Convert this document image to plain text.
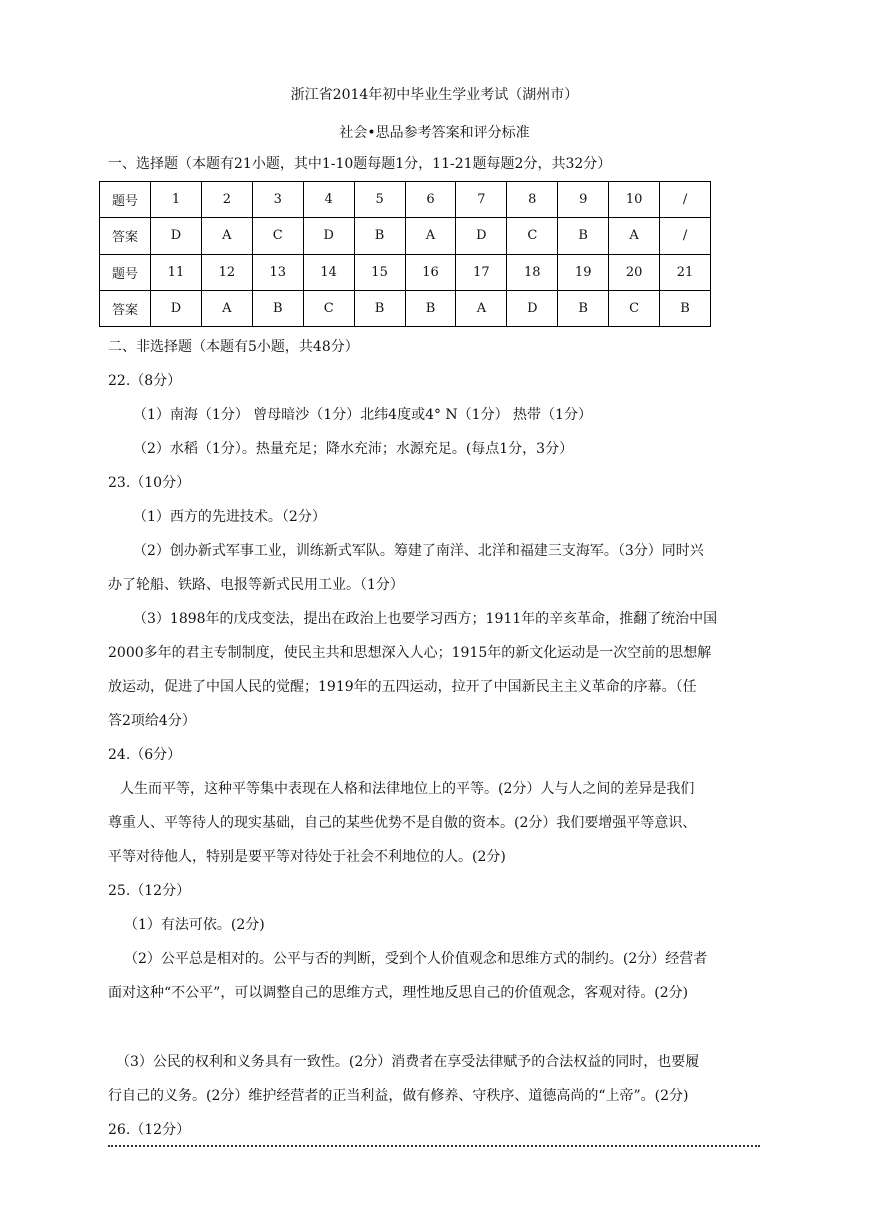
浙江省2014年初中毕业生学业考试（湖州市）
社会•思品参考答案和评分标准
一、选择题（本题有21小题，其中1-10题每题1分，11-21题每题2分，共32分）
题号	1	2	3	4	5	6	7	8	9	10	/
答案	D	A	C	D	B	A	D	C	B	A	/
题号	11	12	13	14	15	16	17	18	19	20	21
答案	D	A	B	C	B	B	A	D	B	C	B
二、非选择题（本题有5小题，共48分）
22.（8分）
（1）南海（1分） 曾母暗沙（1分）北纬4度或4° N（1分） 热带（1分）
（2）水稻（1分）。热量充足；降水充沛；水源充足。(每点1分，3分）
23.（10分）
（1）西方的先进技术。（2分）
（2）创办新式军事工业，训练新式军队。筹建了南洋、北洋和福建三支海军。（3分）同时兴
办了轮船、铁路、电报等新式民用工业。（1分）
（3）1898年的戊戌变法，提出在政治上也要学习西方；1911年的辛亥革命，推翻了统治中国
2000多年的君主专制制度，使民主共和思想深入人心；1915年的新文化运动是一次空前的思想解
放运动，促进了中国人民的觉醒；1919年的五四运动，拉开了中国新民主主义革命的序幕。（任
答2项给4分）
24.（6分）
人生而平等，这种平等集中表现在人格和法律地位上的平等。(2分）人与人之间的差异是我们
尊重人、平等待人的现实基础，自己的某些优势不是自傲的资本。(2分）我们要增强平等意识、
平等对待他人，特别是要平等对待处于社会不利地位的人。(2分)
25.（12分）
（1）有法可依。(2分)
（2）公平总是相对的。公平与否的判断，受到个人价值观念和思维方式的制约。(2分）经营者
面对这种“不公平”，可以调整自己的思维方式，理性地反思自己的价值观念，客观对待。(2分)
（3）公民的权利和义务具有一致性。(2分）消费者在享受法律赋予的合法权益的同时，也要履
行自己的义务。(2分）维护经营者的正当利益，做有修养、守秩序、道德高尚的“上帝”。(2分)
26.（12分）
